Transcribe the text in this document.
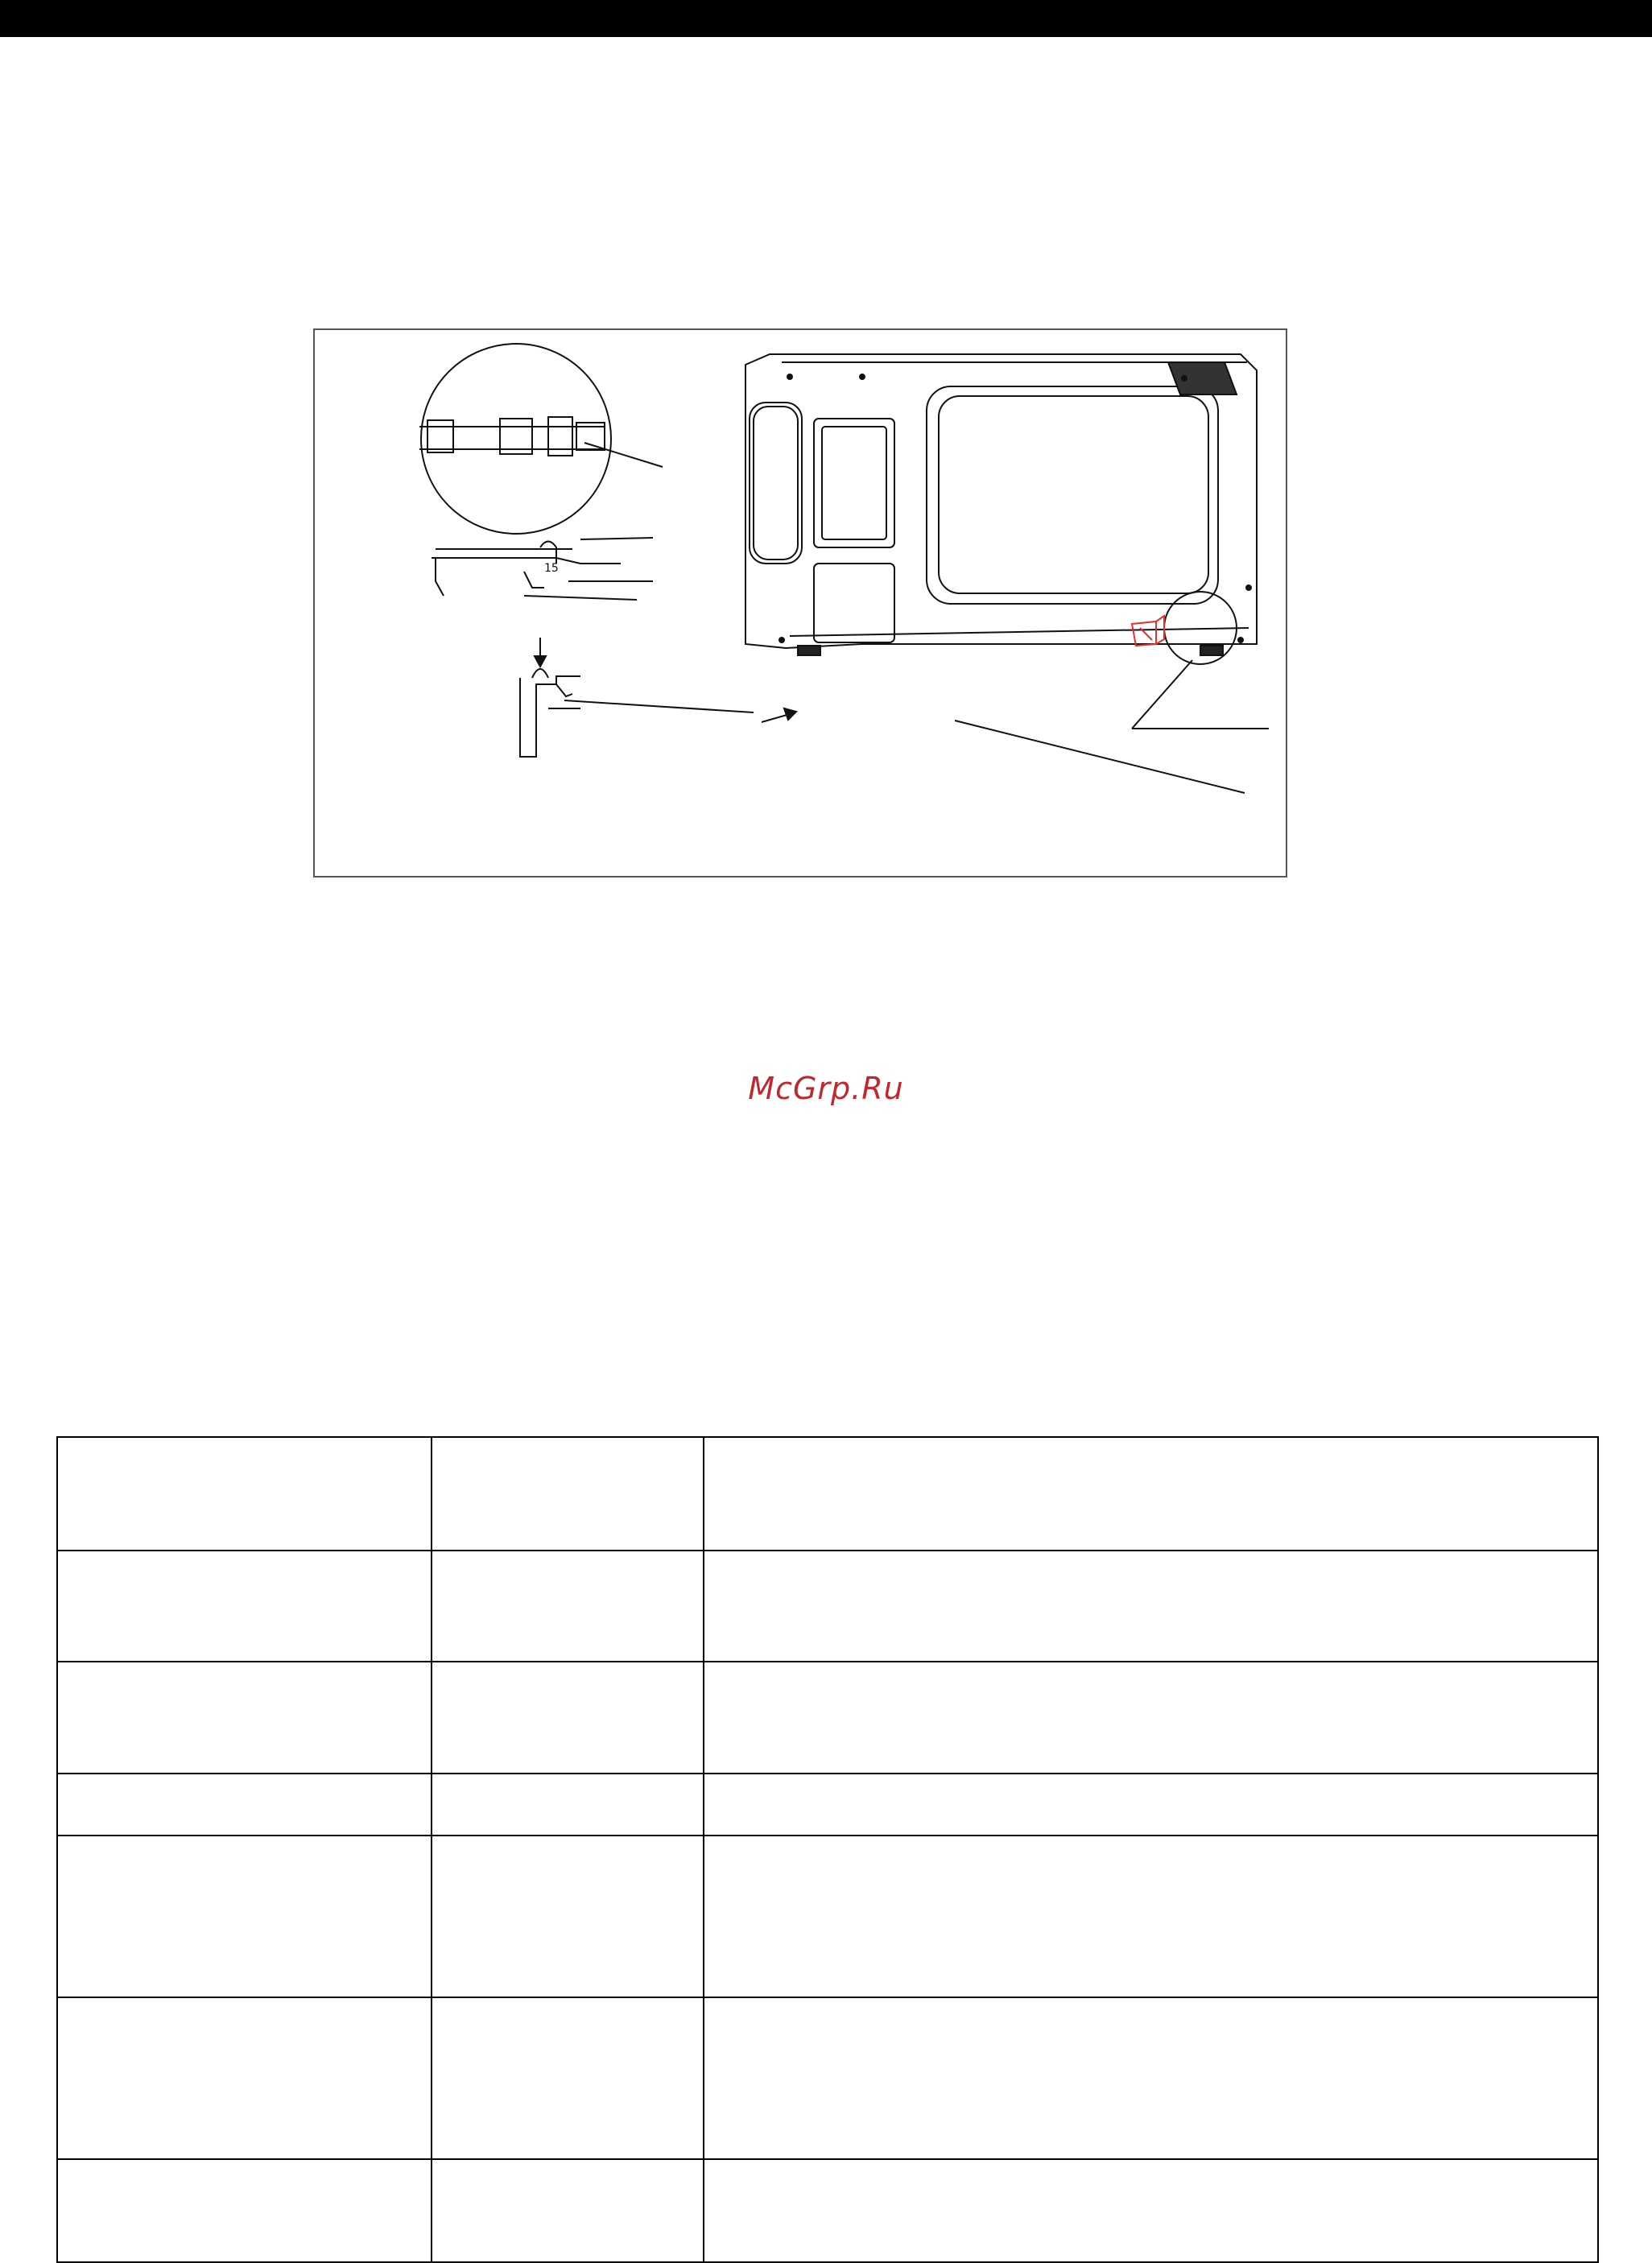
15
McGrp.Ru
